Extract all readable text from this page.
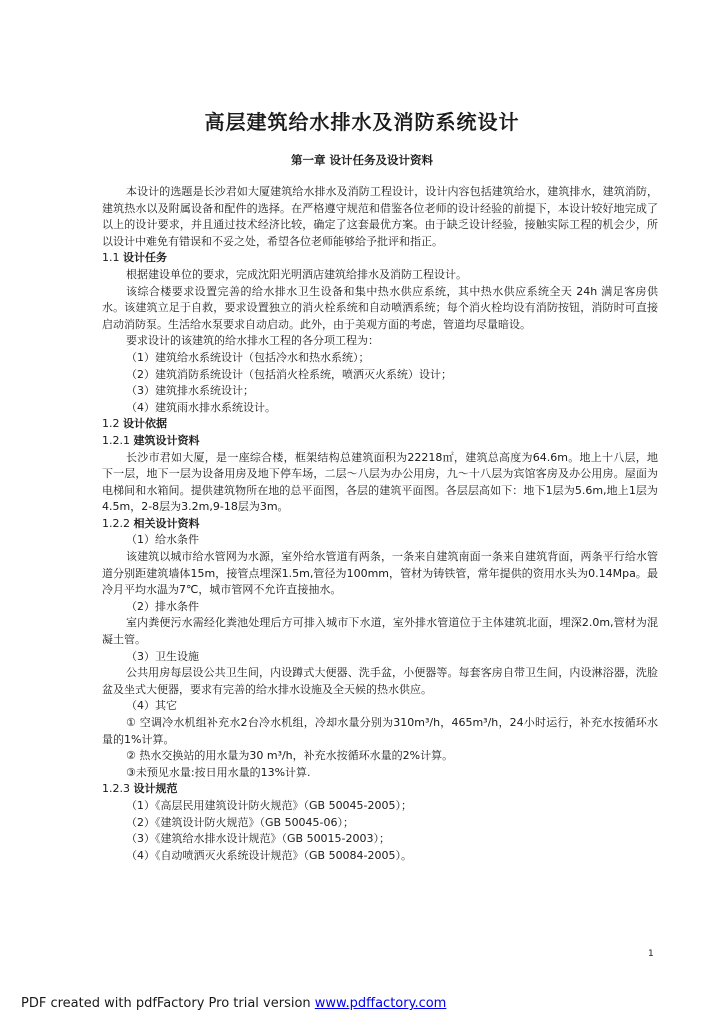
高层建筑给水排水及消防系统设计
第一章 设计任务及设计资料

本设计的选题是长沙君如大厦建筑给水排水及消防工程设计，设计内容包括建筑给水，建筑排水，建筑消防，建筑热水以及附属设备和配件的选择。在严格遵守规范和借鉴各位老师的设计经验的前提下，本设计较好地完成了以上的设计要求，并且通过技术经济比较，确定了这套最优方案。由于缺乏设计经验，接触实际工程的机会少，所以设计中难免有错误和不妥之处，希望各位老师能够给予批评和指正。

1.1 设计任务

根据建设单位的要求，完成沈阳光明酒店建筑给排水及消防工程设计。

该综合楼要求设置完善的给水排水卫生设备和集中热水供应系统，其中热水供应系统全天 24h 满足客房供水。该建筑立足于自救，要求设置独立的消火栓系统和自动喷洒系统；每个消火栓均设有消防按钮，消防时可直接启动消防泵。生活给水泵要求自动启动。此外，由于美观方面的考虑，管道均尽量暗设。

要求设计的该建筑的给水排水工程的各分项工程为：

（1）建筑给水系统设计（包括冷水和热水系统）；

（2）建筑消防系统设计（包括消火栓系统，喷洒灭火系统）设计；

（3）建筑排水系统设计；

（4）建筑雨水排水系统设计。

1.2 设计依据

1.2.1 建筑设计资料

长沙市君如大厦，是一座综合楼，框架结构总建筑面积为22218㎡，建筑总高度为64.6m。地上十八层，地下一层，地下一层为设备用房及地下停车场，二层～八层为办公用房，九～十八层为宾馆客房及办公用房。屋面为电梯间和水箱间。提供建筑物所在地的总平面图，各层的建筑平面图。各层层高如下：地下1层为5.6m,地上1层为4.5m，2-8层为3.2m,9-18层为3m。

1.2.2 相关设计资料

（1）给水条件

该建筑以城市给水管网为水源，室外给水管道有两条，一条来自建筑南面一条来自建筑背面，两条平行给水管道分别距建筑墙体15m，接管点埋深1.5m,管径为100mm，管材为铸铁管，常年提供的资用水头为0.14Mpa。最冷月平均水温为7℃，城市管网不允许直接抽水。

（2）排水条件

室内粪便污水需经化粪池处理后方可排入城市下水道，室外排水管道位于主体建筑北面，埋深2.0m,管材为混凝土管。

（3）卫生设施

公共用房每层设公共卫生间，内设蹲式大便器、洗手盆，小便器等。每套客房自带卫生间，内设淋浴器，洗脸盆及坐式大便器，要求有完善的给水排水设施及全天候的热水供应。

（4）其它

① 空调冷水机组补充水2台冷水机组，冷却水量分别为310m³/h，465m³/h，24小时运行，补充水按循环水量的1%计算。

② 热水交换站的用水量为30 m³/h，补充水按循环水量的2%计算。

③未预见水量:按日用水量的13%计算.

1.2.3 设计规范

（1）《高层民用建筑设计防火规范》（GB 50045-2005）；

（2）《建筑设计防火规范》（GB 50045-06）；

（3）《建筑给水排水设计规范》（GB 50015-2003）；

（4）《自动喷洒灭火系统设计规范》（GB 50084-2005）。

1
PDF created with pdfFactory Pro trial version www.pdffactory.com
